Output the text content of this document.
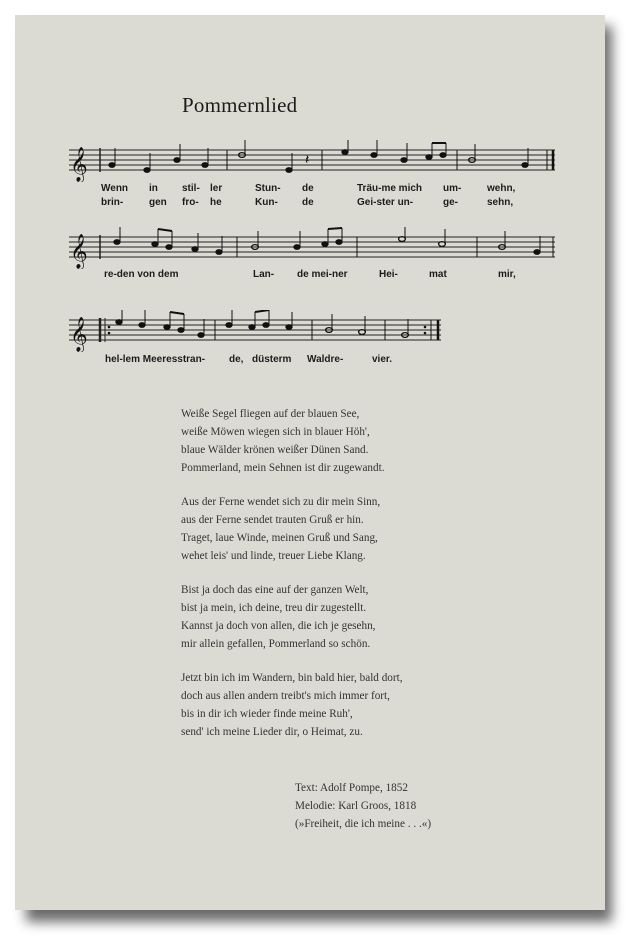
Pommernlied
𝄞	𝄽
Wenn in stil- ler	Stun- de	Träu-me mich um-	wehn,
brin-	gen fro- he	Kun- de	Gei-ster un-	ge-	sehn,
𝄞
re-den von dem	Lan- de mei-ner	Hei-	mat	mir,
𝄞
hel-lem Meeresstran- de, düsterm Waldre-	vier.
Weiße Segel fliegen auf der blauen See,
weiße Möwen wiegen sich in blauer Höh',
blaue Wälder krönen weißer Dünen Sand.
Pommerland, mein Sehnen ist dir zugewandt.
Aus der Ferne wendet sich zu dir mein Sinn,
aus der Ferne sendet trauten Gruß er hin.
Traget, laue Winde, meinen Gruß und Sang,
wehet leis' und linde, treuer Liebe Klang.
Bist ja doch das eine auf der ganzen Welt,
bist ja mein, ich deine, treu dir zugestellt.
Kannst ja doch von allen, die ich je gesehn,
mir allein gefallen, Pommerland so schön.
Jetzt bin ich im Wandern, bin bald hier, bald dort,
doch aus allen andern treibt's mich immer fort,
bis in dir ich wieder finde meine Ruh',
send' ich meine Lieder dir, o Heimat, zu.
Text: Adolf Pompe, 1852
Melodie: Karl Groos, 1818
(»Freiheit, die ich meine . . .«)
